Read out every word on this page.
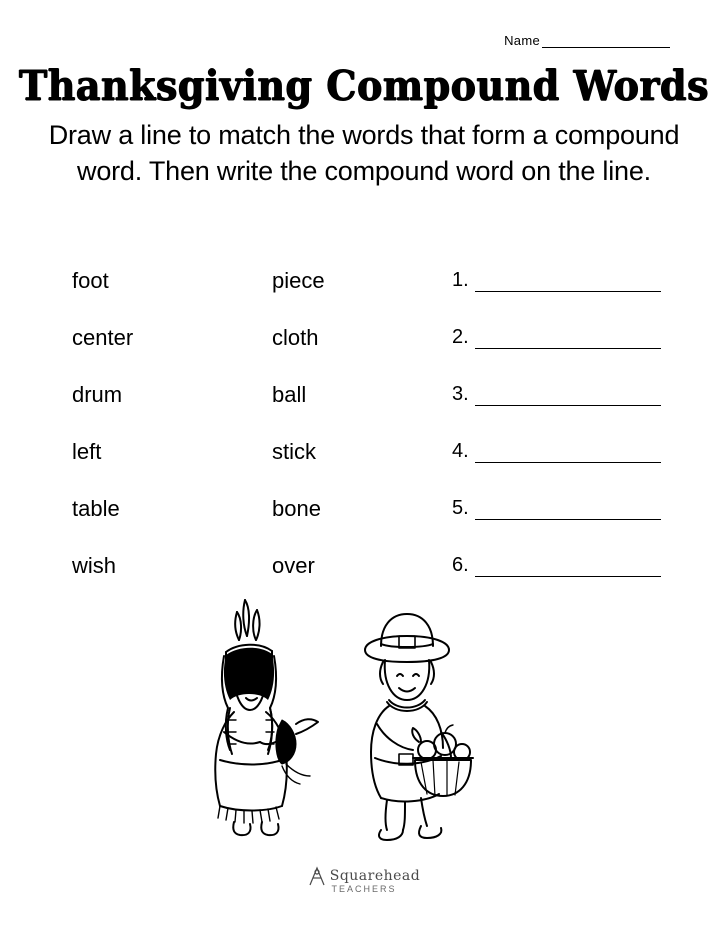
Name
Thanksgiving Compound Words
Draw a line to match the words that form a compound word. Then write the compound word on the line.
foot	piece	1.
center	cloth	2.
drum	ball	3.
left	stick	4.
table	bone	5.
wish	over	6.
Squarehead
TEACHERS
